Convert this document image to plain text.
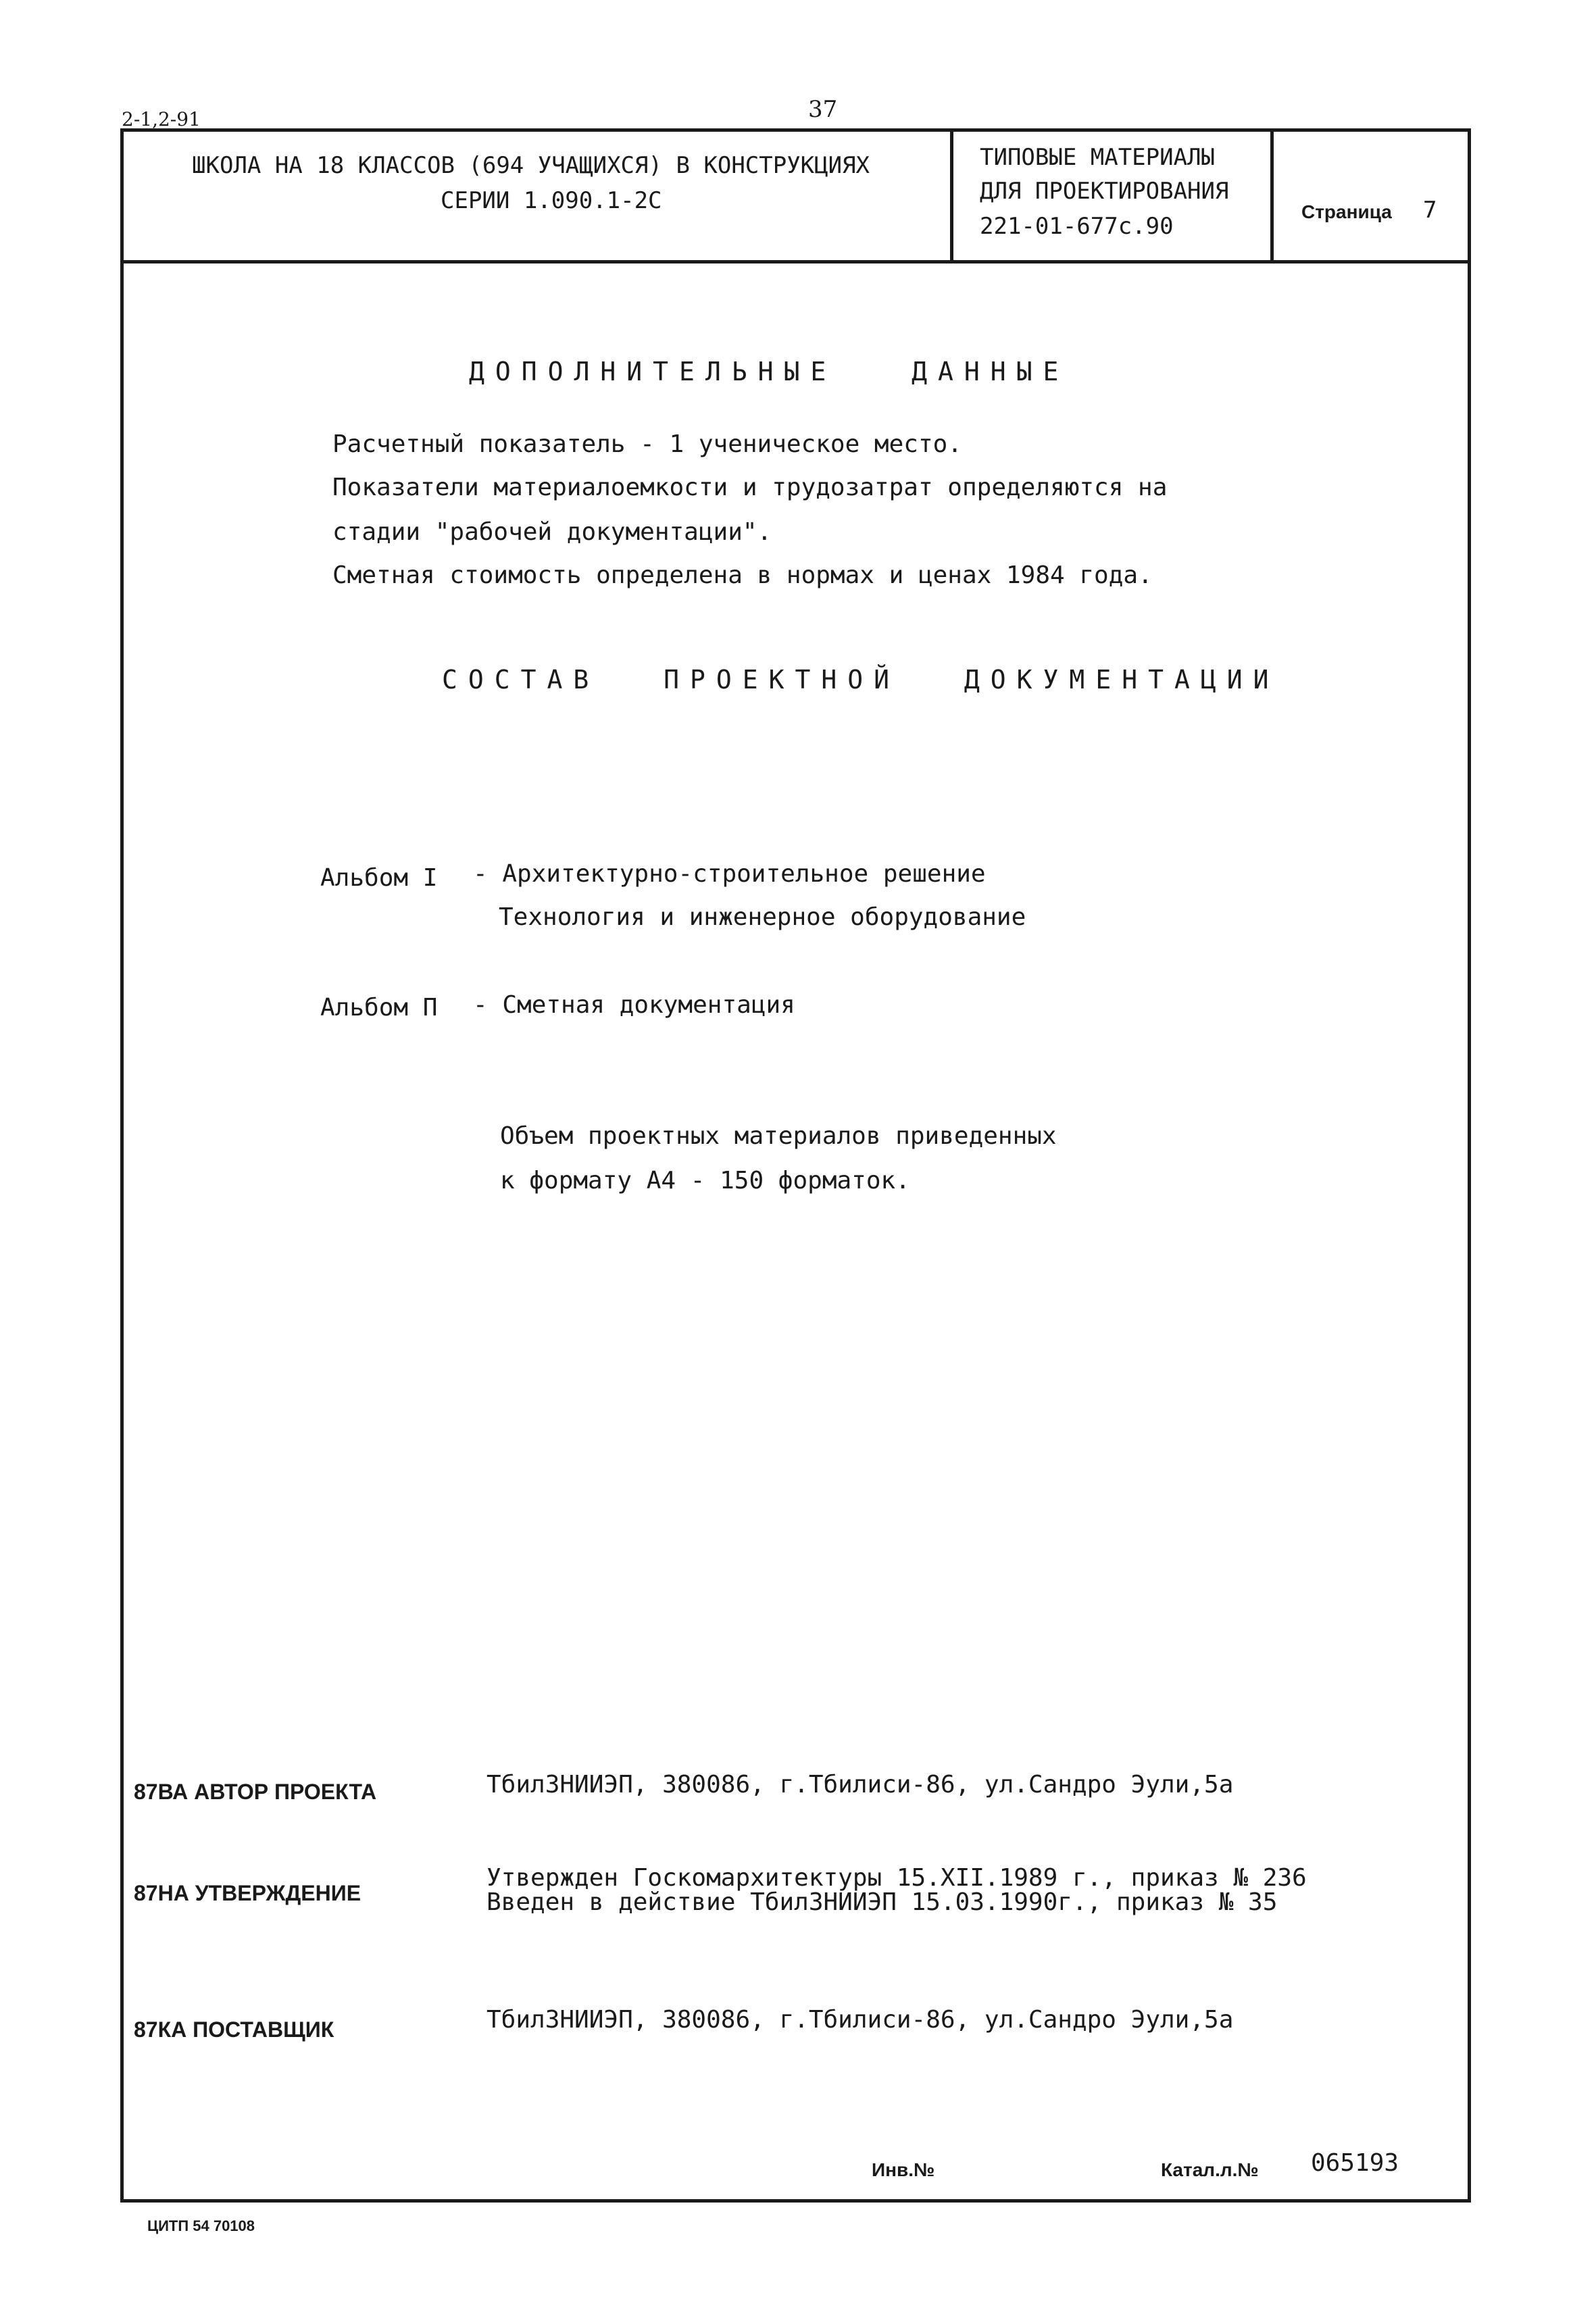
2-1,2-91	37
ШКОЛА НА 18 КЛАССОВ (694 УЧАЩИХСЯ) В КОНСТРУКЦИЯХ
СЕРИИ 1.090.1-2С
ТИПОВЫЕ МАТЕРИАЛЫ
ДЛЯ ПРОЕКТИРОВАНИЯ
221-01-677с.90
Страница 7
ДОПОЛНИТЕЛЬНЫЕ ДАННЫЕ
Расчетный показатель - 1 ученическое место.
Показатели материалоемкости и трудозатрат определяются на
стадии "рабочей документации".
Сметная стоимость определена в нормах и ценах 1984 года.
СОСТАВ ПРОЕКТНОЙ ДОКУМЕНТАЦИИ
Альбом I - Архитектурно-строительное решение
Технология и инженерное оборудование
Альбом П - Сметная документация
Объем проектных материалов приведенных
к формату А4 - 150 форматок.
87ВА АВТОР ПРОЕКТА	ТбилЗНИИЭП, 380086, г.Тбилиси-86, ул.Сандро Эули,5а
87НА УТВЕРЖДЕНИЕ
Утвержден Госкомархитектуры 15.XII.1989 г., приказ № 236
Введен в действие ТбилЗНИИЭП 15.03.1990г., приказ № 35
87КА ПОСТАВЩИК	ТбилЗНИИЭП, 380086, г.Тбилиси-86, ул.Сандро Эули,5а
Инв.№	Катал.л.№ 065193
ЦИТП 54 70108
